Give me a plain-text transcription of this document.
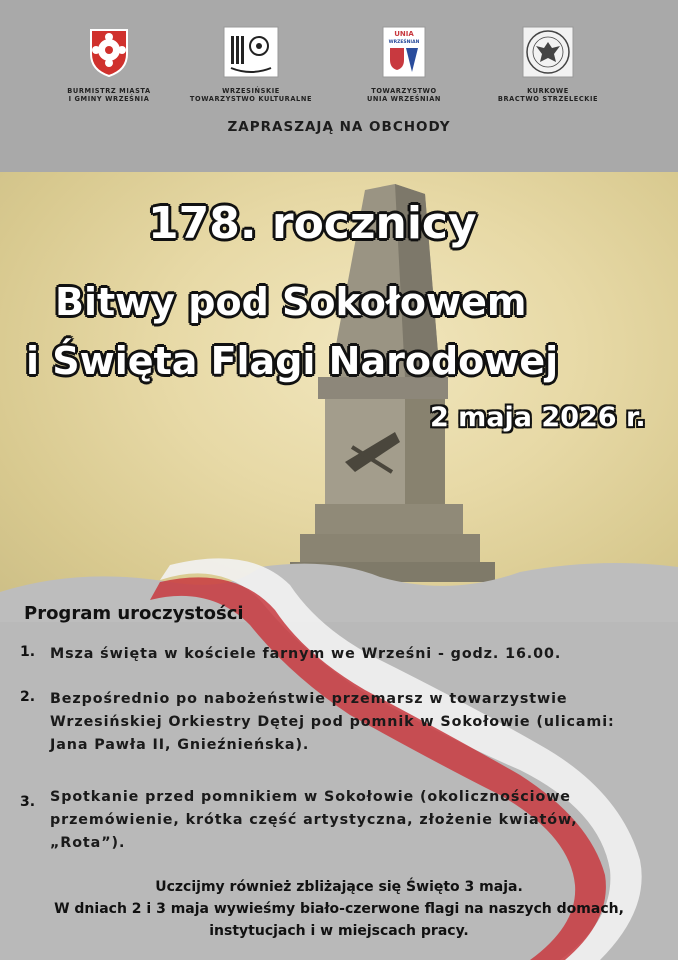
BURMISTRZ MIASTA
I GMINY WRZEŚNIA
WRZESIŃSKIE
TOWARZYSTWO KULTURALNE
UNIA
WRZEŚNIAN
TOWARZYSTWO
UNIA WRZEŚNIAN
KURKOWE
BRACTWO STRZELECKIE
ZAPRASZAJĄ NA OBCHODY
178. rocznicy
Bitwy pod Sokołowem
i Święta Flagi Narodowej
2 maja 2026 r.
Program uroczystości
1. Msza święta w kościele farnym we Wrześni - godz. 16.00.
2. Bezpośrednio po nabożeństwie przemarsz w towarzystwie Wrzesińskiej Orkiestry Dętej pod pomnik w Sokołowie (ulicami: Jana Pawła II, Gnieźnieńska).
3. Spotkanie przed pomnikiem w Sokołowie (okolicznościowe przemówienie, krótka część artystyczna, złożenie kwiatów, „Rota”).
Uczcijmy również zbliżające się Święto 3 maja.
W dniach 2 i 3 maja wywieśmy biało-czerwone flagi na naszych domach,
instytucjach i w miejscach pracy.
